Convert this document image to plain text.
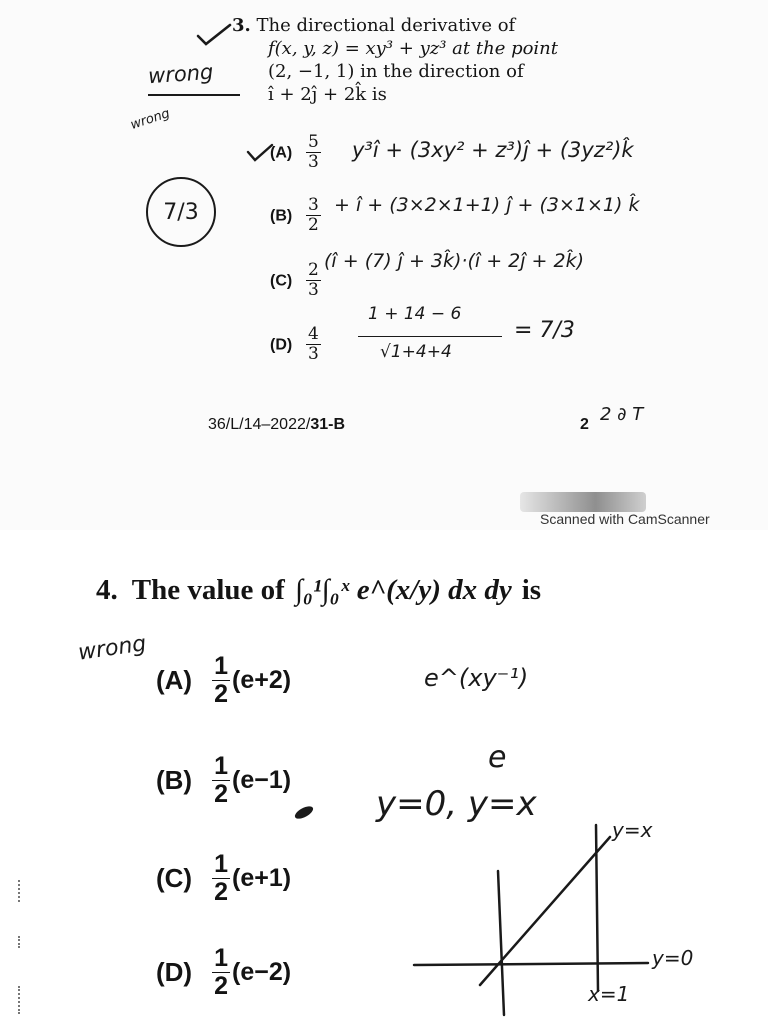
3. The directional derivative of
f(x, y, z) = xy³ + yz³ at the point
(2, −1, 1) in the direction of
î + 2ĵ + 2k̂ is
$(A) \frac{5}{3}$
$(B) \frac{3}{2}$
$(C) \frac{2}{3}$
$(D) \frac{4}{3}$
wrong
wrong
7/3
y³î + (3xy² + z³)ĵ + (3yz²)k̂
+ î + (3×2×1+1) ĵ + (3×1×1) k̂
(î + (7) ĵ + 3k̂)·(î + 2ĵ + 2k̂)
1 + 14 − 6
√1+4+4
= 7/3
36/L/14–2022/31-B	2 2 ∂ T
Scanned with CamScanner
4. The value of ∫₀¹∫₀ˣ e^(x/y) dx dy is
$(A) \frac{1}{2} (e+2)$
$(B) \frac{1}{2} (e-1)$
$(C) \frac{1}{2} (e+1)$
$(D) \frac{1}{2} (e-2)$
wrong
e^(xy⁻¹)
e
y=0, y=x
y=x
y=0
x=1
